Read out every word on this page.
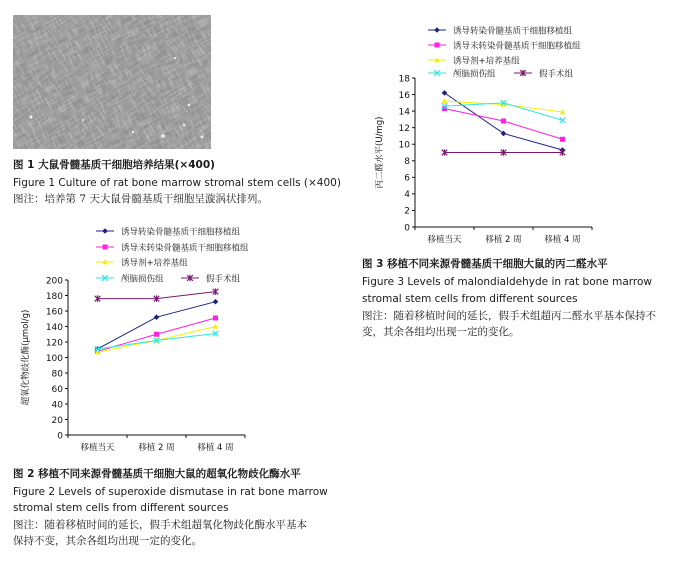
图 1 大鼠骨髓基质干细胞培养结果(×400)
Figure 1 Culture of rat bone marrow stromal stem cells (×400)
图注：培养第 7 天大鼠骨髓基质干细胞呈漩涡状排列。
诱导转染骨髓基质干细胞移植组
诱导未转染骨髓基质干细胞移植组
诱导剂+培养基组
颅脑损伤组	假手术组
0
20
40
60
80
100
120
140
160
180
200
移植当天	移植 2 周	移植 4 周
超氧化物歧化酶(μmol/g)
图 2 移植不同来源骨髓基质干细胞大鼠的超氧化物歧化酶水平
Figure 2 Levels of superoxide dismutase in rat bone marrow
stromal stem cells from different sources
图注：随着移植时间的延长，假手术组超氧化物歧化酶水平基本
保持不变，其余各组均出现一定的变化。
诱导转染骨髓基质干细胞移植组
诱导未转染骨髓基质干细胞移植组
诱导剂+培养基组
颅脑损伤组	假手术组
0
2
4
6
8
10
12
14
16
18
移植当天	移植 2 周	移植 4 周
丙二醛水平(U/mg)
图 3 移植不同来源骨髓基质干细胞大鼠的丙二醛水平
Figure 3 Levels of malondialdehyde in rat bone marrow
stromal stem cells from different sources
图注：随着移植时间的延长，假手术组超丙二醛水平基本保持不
变，其余各组均出现一定的变化。
